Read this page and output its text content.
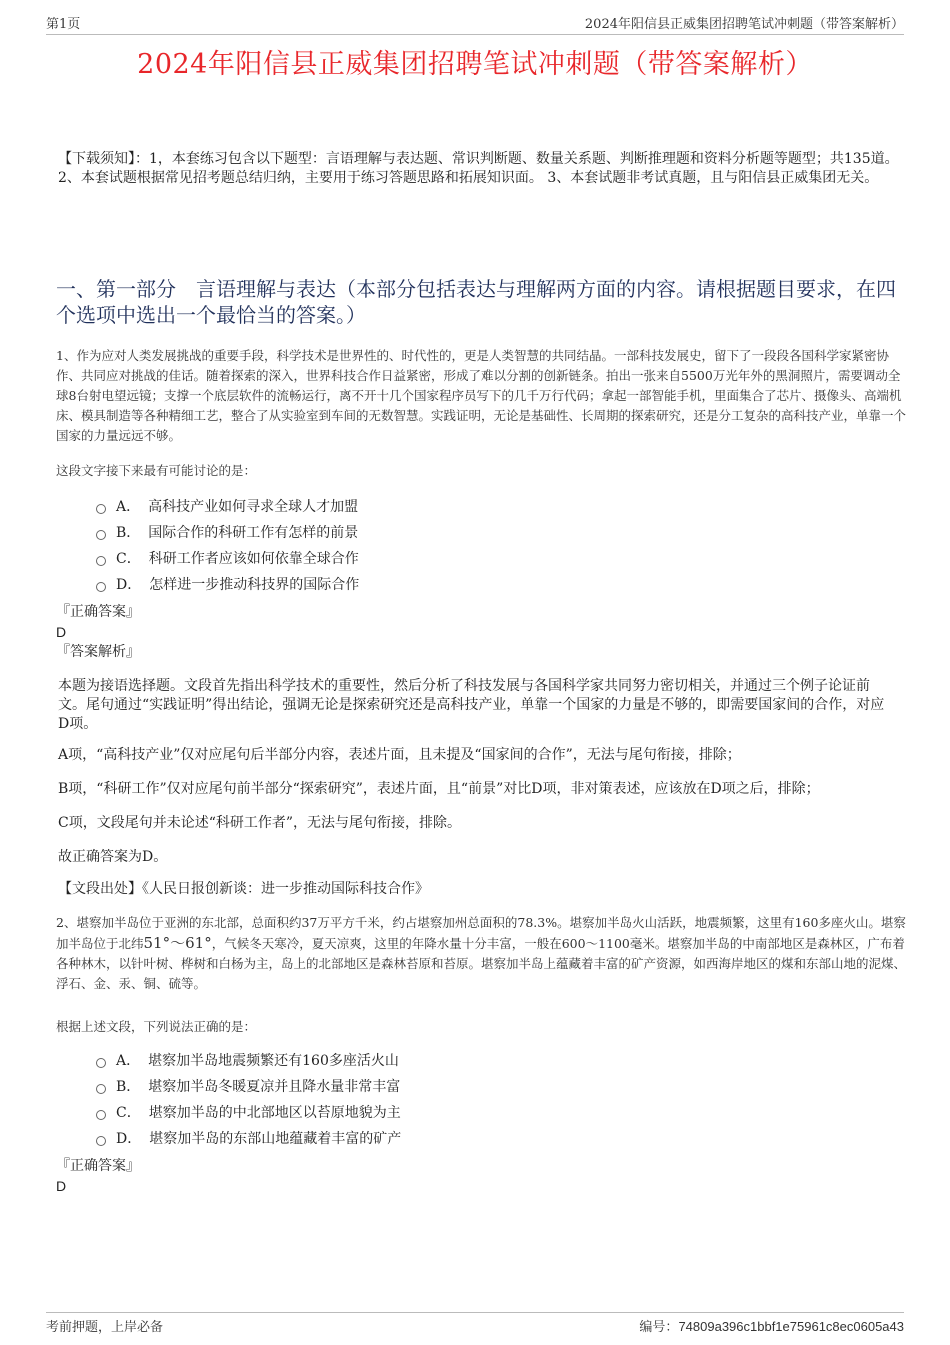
第1页	2024年阳信县正威集团招聘笔试冲刺题（带答案解析）
2024年阳信县正威集团招聘笔试冲刺题（带答案解析）
【下载须知】：1，本套练习包含以下题型：言语理解与表达题、常识判断题、数量关系题、判断推理题和资料分析题等题型；共135道。 2、本套试题根据常见招考题总结归纳，主要用于练习答题思路和拓展知识面。 3、本套试题非考试真题，且与阳信县正威集团无关。
一、第一部分　言语理解与表达（本部分包括表达与理解两方面的内容。请根据题目要求，在四个选项中选出一个最恰当的答案。）
1、作为应对人类发展挑战的重要手段，科学技术是世界性的、时代性的，更是人类智慧的共同结晶。一部科技发展史，留下了一段段各国科学家紧密协作、共同应对挑战的佳话。随着探索的深入，世界科技合作日益紧密，形成了难以分割的创新链条。拍出一张来自5500万光年外的黑洞照片，需要调动全球8台射电望远镜；支撑一个底层软件的流畅运行，离不开十几个国家程序员写下的几千万行代码；拿起一部智能手机，里面集合了芯片、摄像头、高端机床、模具制造等各种精细工艺，整合了从实验室到车间的无数智慧。实践证明，无论是基础性、长周期的探索研究，还是分工复杂的高科技产业，单靠一个国家的力量远远不够。
这段文字接下来最有可能讨论的是：
A． 高科技产业如何寻求全球人才加盟
B． 国际合作的科研工作有怎样的前景
C． 科研工作者应该如何依靠全球合作
D． 怎样进一步推动科技界的国际合作
『正确答案』
D
『答案解析』
本题为接语选择题。文段首先指出科学技术的重要性，然后分析了科技发展与各国科学家共同努力密切相关，并通过三个例子论证前文。尾句通过“实践证明”得出结论，强调无论是探索研究还是高科技产业，单靠一个国家的力量是不够的，即需要国家间的合作，对应D项。
A项，“高科技产业”仅对应尾句后半部分内容，表述片面，且未提及“国家间的合作”，无法与尾句衔接，排除；
B项，“科研工作”仅对应尾句前半部分“探索研究”，表述片面，且“前景”对比D项，非对策表述，应该放在D项之后，排除；
C项，文段尾句并未论述“科研工作者”，无法与尾句衔接，排除。
故正确答案为D。
【文段出处】《人民日报创新谈：进一步推动国际科技合作》
2、堪察加半岛位于亚洲的东北部，总面积约37万平方千米，约占堪察加州总面积的78.3%。堪察加半岛火山活跃，地震频繁，这里有160多座火山。堪察加半岛位于北纬51°～61°，气候冬天寒冷，夏天凉爽，这里的年降水量十分丰富，一般在600～1100毫米。堪察加半岛的中南部地区是森林区，广布着各种林木，以针叶树、桦树和白杨为主，岛上的北部地区是森林苔原和苔原。堪察加半岛上蕴藏着丰富的矿产资源，如西海岸地区的煤和东部山地的泥煤、浮石、金、汞、铜、硫等。
根据上述文段，下列说法正确的是：
A． 堪察加半岛地震频繁还有160多座活火山
B． 堪察加半岛冬暖夏凉并且降水量非常丰富
C． 堪察加半岛的中北部地区以苔原地貌为主
D． 堪察加半岛的东部山地蕴藏着丰富的矿产
『正确答案』
D
考前押题，上岸必备	编号：74809a396c1bbf1e75961c8ec0605a43
